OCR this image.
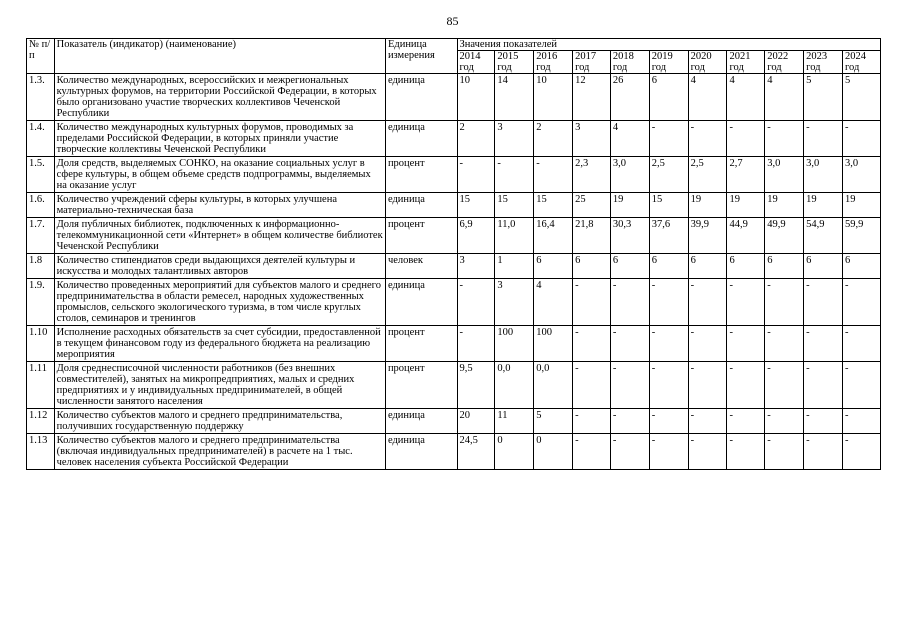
85
№ п/п	Показатель (индикатор) (наименование)	Единица измерения	Значения показателей										
			2014 год	2015 год	2016 год	2017 год	2018 год	2019 год	2020 год	2021 год	2022 год	2023 год	2024 год
1.3.	Количество международных, всероссийских и межрегиональных культурных форумов, на территории Российской Федерации, в которых было организовано участие творческих коллективов Чеченской Республики	единица	10	14	10	12	26	6	4	4	4	5	5
1.4.	Количество международных культурных форумов, проводимых за пределами Российской Федерации, в которых приняли участие творческие коллективы Чеченской Республики	единица	2	3	2	3	4	-	-	-	-	-	-
1.5.	Доля средств, выделяемых СОНКО, на оказание социальных услуг в сфере культуры, в общем объеме средств подпрограммы, выделяемых на оказание услуг	процент	-	-	-	2,3	3,0	2,5	2,5	2,7	3,0	3,0	3,0
1.6.	Количество учреждений сферы культуры, в которых улучшена материально-техническая база	единица	15	15	15	25	19	15	19	19	19	19	19
1.7.	Доля публичных библиотек, подключенных к информационно-телекоммуникационной сети «Интернет» в общем количестве библиотек Чеченской Республики	процент	6,9	11,0	16,4	21,8	30,3	37,6	39,9	44,9	49,9	54,9	59,9
1.8	Количество стипендиатов среди выдающихся деятелей культуры и искусства и молодых талантливых авторов	человек	3	1	6	6	6	6	6	6	6	6	6
1.9.	Количество проведенных мероприятий для субъектов малого и среднего предпринимательства в области ремесел, народных художественных промыслов, сельского экологического туризма, в том числе круглых столов, семинаров и тренингов	единица	-	3	4	-	-	-	-	-	-	-	-
1.10	Исполнение расходных обязательств за счет субсидии, предоставленной в текущем финансовом году из федерального бюджета на реализацию мероприятия	процент	-	100	100	-	-	-	-	-	-	-	-
1.11	Доля среднесписочной численности работников (без внешних совместителей), занятых на микропредприятиях, малых и средних предприятиях и у индивидуальных предпринимателей, в общей численности занятого населения	процент	9,5	0,0	0,0	-	-	-	-	-	-	-	-
1.12	Количество субъектов малого и среднего предпринимательства, получивших государственную поддержку	единица	20	11	5	-	-	-	-	-	-	-	-
1.13	Количество субъектов малого и среднего предпринимательства (включая индивидуальных предпринимателей) в расчете на 1 тыс. человек населения субъекта Российской Федерации	единица	24,5	0	0	-	-	-	-	-	-	-	-
